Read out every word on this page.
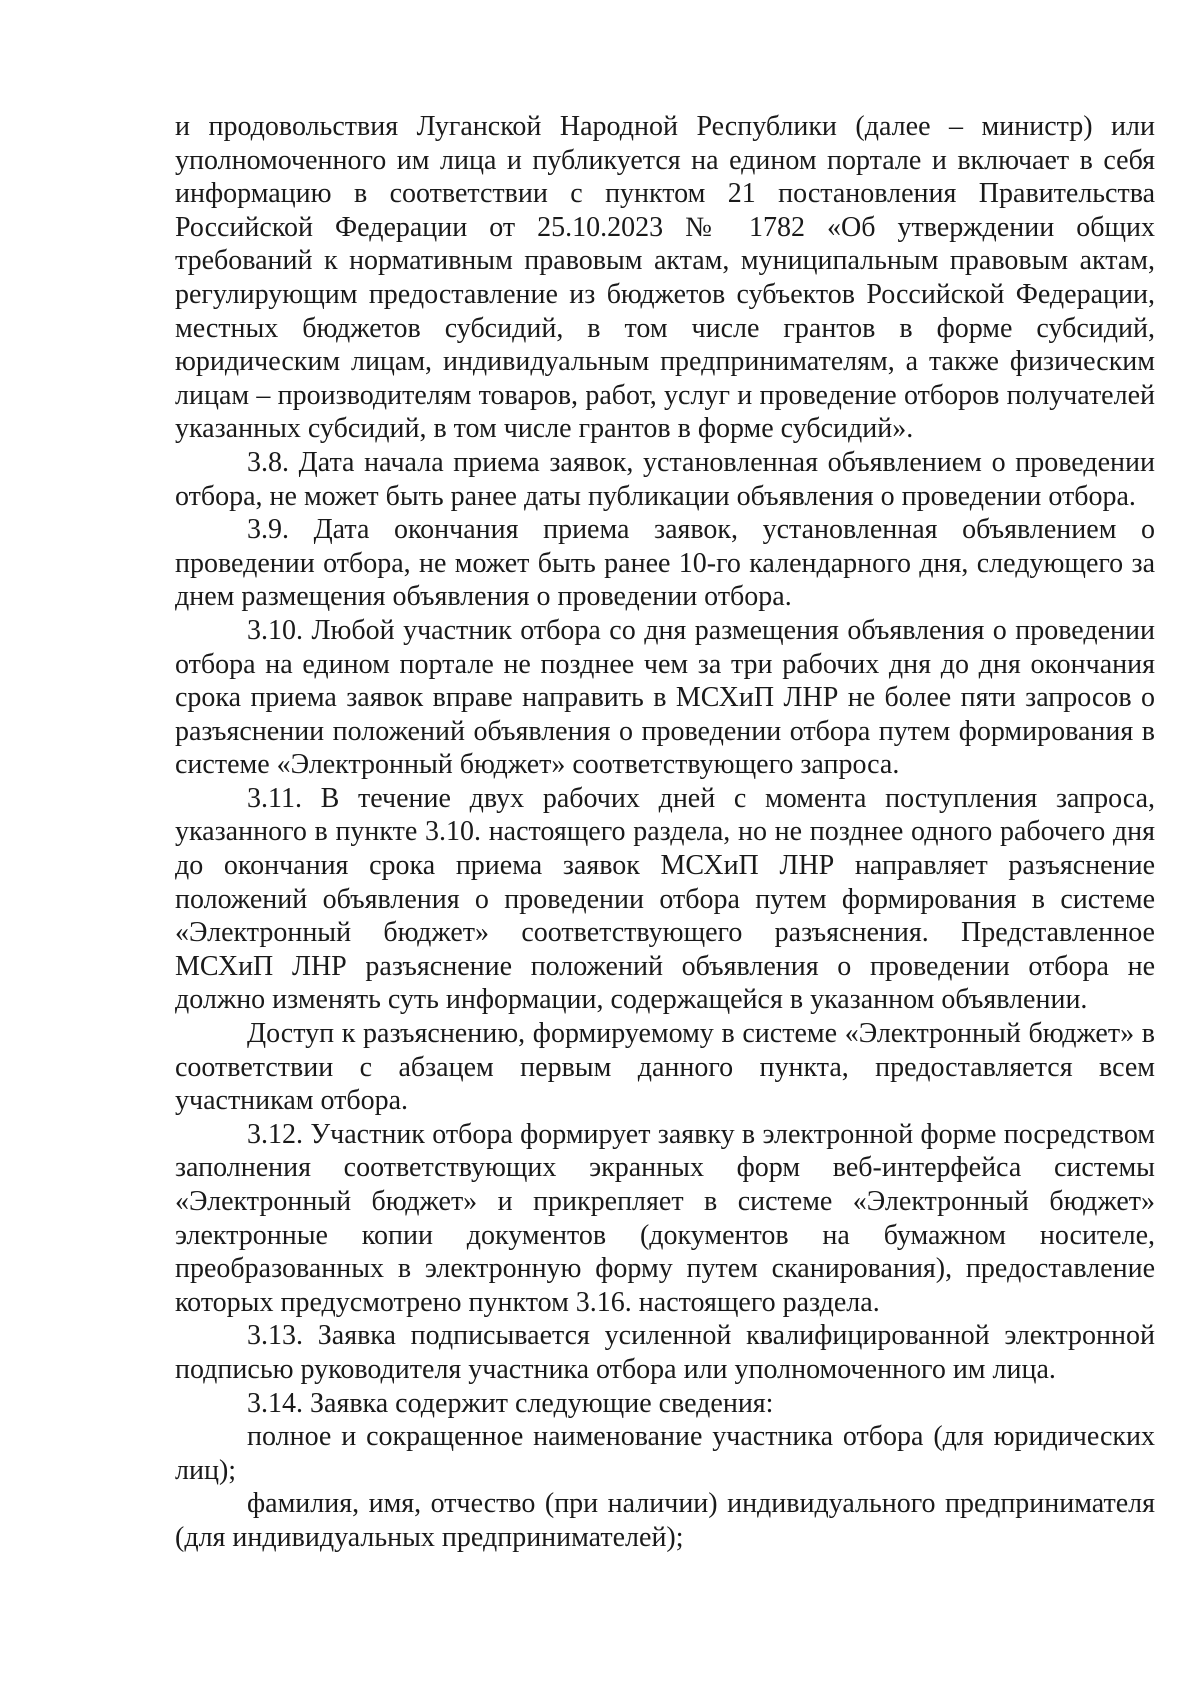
и продовольствия Луганской Народной Республики (далее – министр) или уполномоченного им лица и публикуется на едином портале и включает в себя информацию в соответствии с пунктом 21 постановления Правительства Российской Федерации от 25.10.2023 № 1782 «Об утверждении общих требований к нормативным правовым актам, муниципальным правовым актам, регулирующим предоставление из бюджетов субъектов Российской Федерации, местных бюджетов субсидий, в том числе грантов в форме субсидий, юридическим лицам, индивидуальным предпринимателям, а также физическим лицам – производителям товаров, работ, услуг и проведение отборов получателей указанных субсидий, в том числе грантов в форме субсидий».

3.8. Дата начала приема заявок, установленная объявлением о проведении отбора, не может быть ранее даты публикации объявления о проведении отбора.

3.9. Дата окончания приема заявок, установленная объявлением о проведении отбора, не может быть ранее 10-го календарного дня, следующего за днем размещения объявления о проведении отбора.

3.10. Любой участник отбора со дня размещения объявления о проведении отбора на едином портале не позднее чем за три рабочих дня до дня окончания срока приема заявок вправе направить в МСХиП ЛНР не более пяти запросов о разъяснении положений объявления о проведении отбора путем формирования в системе «Электронный бюджет» соответствующего запроса.

3.11. В течение двух рабочих дней с момента поступления запроса, указанного в пункте 3.10. настоящего раздела, но не позднее одного рабочего дня до окончания срока приема заявок МСХиП ЛНР направляет разъяснение положений объявления о проведении отбора путем формирования в системе «Электронный бюджет» соответствующего разъяснения. Представленное МСХиП ЛНР разъяснение положений объявления о проведении отбора не должно изменять суть информации, содержащейся в указанном объявлении.

Доступ к разъяснению, формируемому в системе «Электронный бюджет» в соответствии с абзацем первым данного пункта, предоставляется всем участникам отбора.

3.12. Участник отбора формирует заявку в электронной форме посредством заполнения соответствующих экранных форм веб-интерфейса системы «Электронный бюджет» и прикрепляет в системе «Электронный бюджет» электронные копии документов (документов на бумажном носителе, преобразованных в электронную форму путем сканирования), предоставление которых предусмотрено пунктом 3.16. настоящего раздела.

3.13. Заявка подписывается усиленной квалифицированной электронной подписью руководителя участника отбора или уполномоченного им лица.

3.14. Заявка содержит следующие сведения:

полное и сокращенное наименование участника отбора (для юридических лиц);

фамилия, имя, отчество (при наличии) индивидуального предпринимателя (для индивидуальных предпринимателей);
